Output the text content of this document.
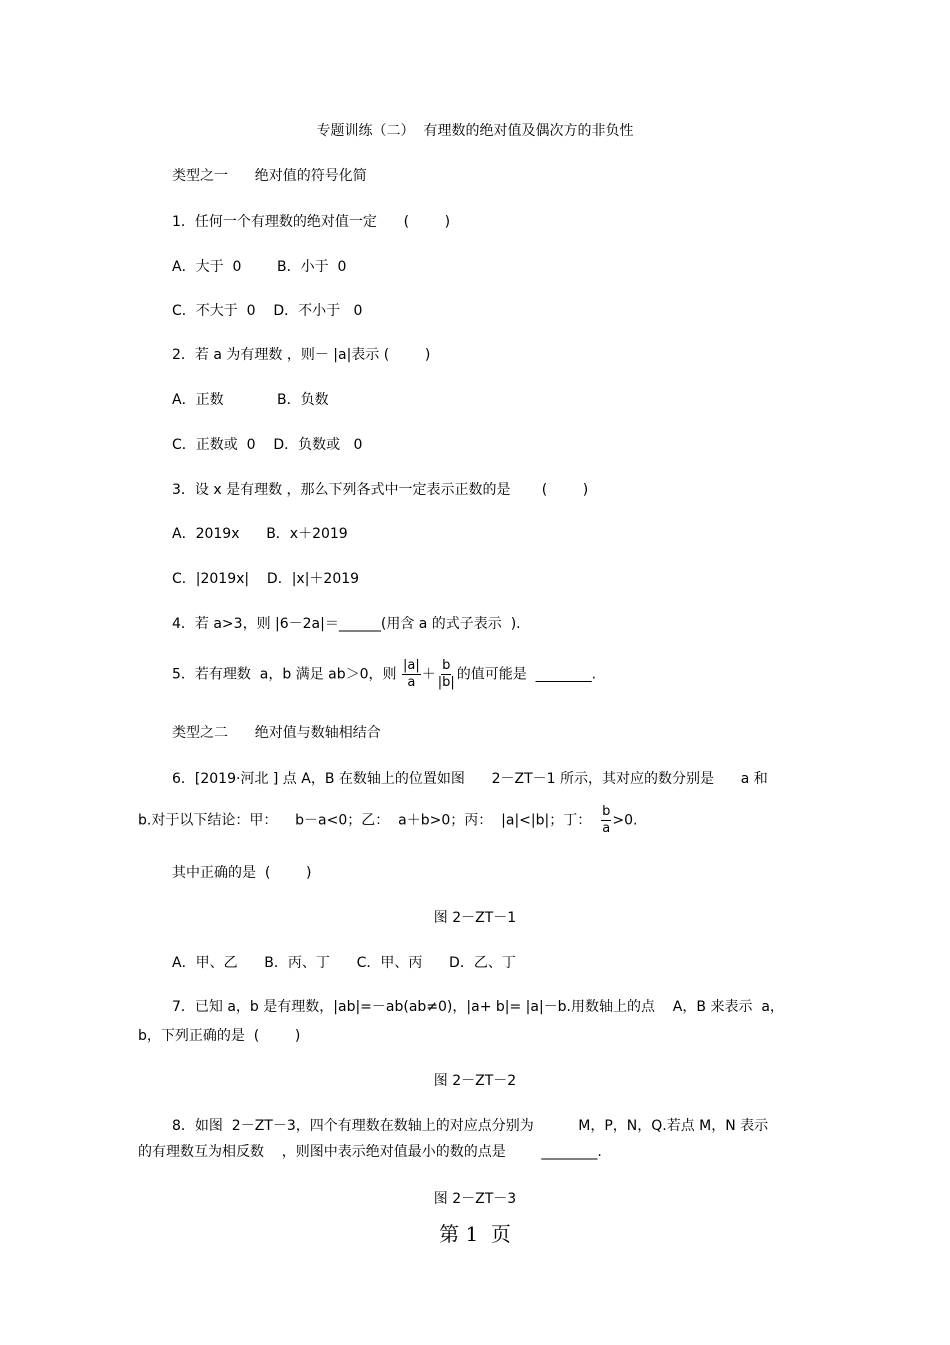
专题训练（二）  有理数的绝对值及偶次方的非负性
类型之一      绝对值的符号化简
1．任何一个有理数的绝对值一定      (        )
A．大于  0        B．小于  0
C．不大于  0    D．不小于   0
2．若 a 为有理数 ，则－ |a|表示 (        )
A．正数            B．负数
C．正数或  0    D．负数或   0
3．设 x 是有理数 ，那么下列各式中一定表示正数的是       (        )
A．2019x      B．x＋2019
C．|2019x|    D．|x|＋2019
4．若 a>3，则 |6－2a|＝______(用含 a 的式子表示  ).
5．若有理数  a，b 满足 ab＞0，则 $\frac{|a|}{a} + \frac{b}{|b|}$ 的值可能是  ________.
类型之二      绝对值与数轴相结合
6．[2019·河北 ] 点 A，B 在数轴上的位置如图      2－ZT－1 所示，其对应的数分别是      a 和
b.对于以下结论：甲：    b－a<0；乙：  a＋b>0；丙：  |a|<|b|；丁： $\frac{b}{a} >0$.
其中正确的是  (        )
图 2－ZT－1
A．甲、乙      B．丙、丁      C．甲、丙      D．乙、丁
7．已知 a，b 是有理数，|ab|=－ab(ab≠0)，|a+ b|= |a|－b.用数轴上的点    A，B 来表示  a，
b，下列正确的是  (        )
图 2－ZT－2
8．如图  2－ZT－3，四个有理数在数轴上的对应点分别为          M，P，N，Q.若点 M，N 表示
的有理数互为相反数    ，则图中表示绝对值最小的数的点是        ________.
图 2－ZT－3
第 1  页
